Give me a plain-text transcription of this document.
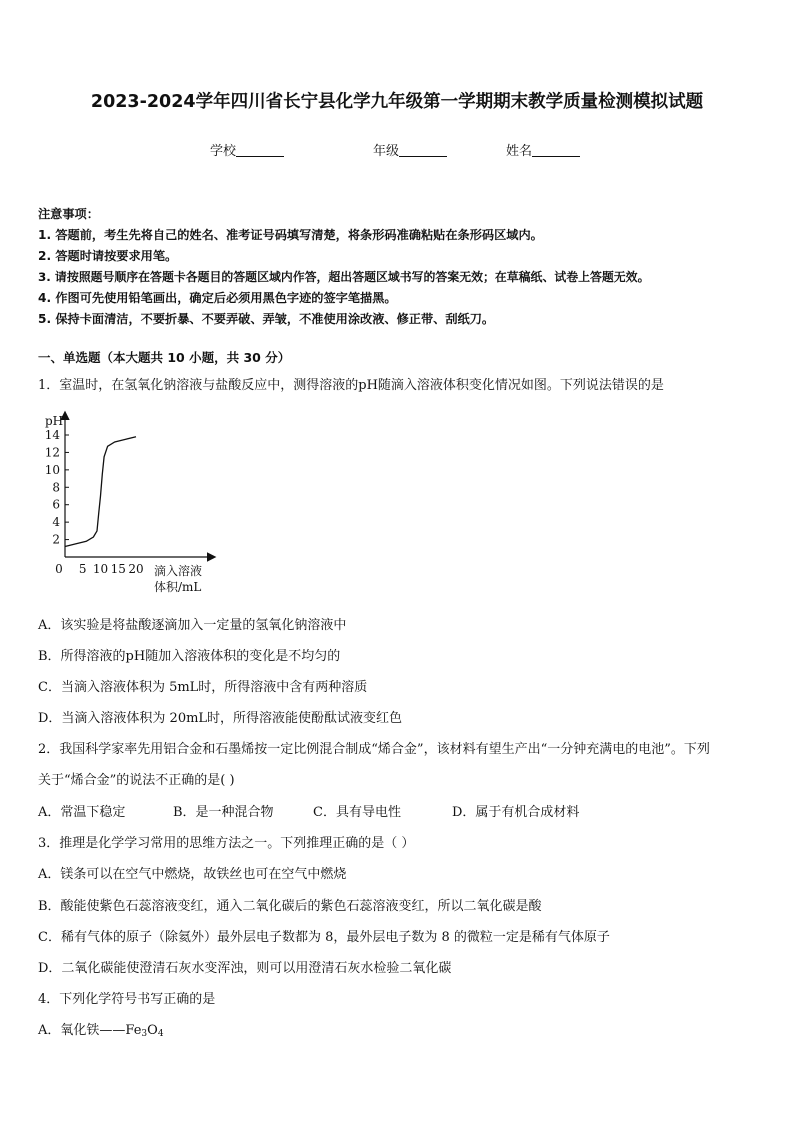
2023-2024学年四川省长宁县化学九年级第一学期期末教学质量检测模拟试题
学校	年级	姓名
注意事项：
1. 答题前，考生先将自己的姓名、准考证号码填写清楚，将条形码准确粘贴在条形码区域内。
2. 答题时请按要求用笔。
3. 请按照题号顺序在答题卡各题目的答题区域内作答，超出答题区域书写的答案无效；在草稿纸、试卷上答题无效。
4. 作图可先使用铅笔画出，确定后必须用黑色字迹的签字笔描黑。
5. 保持卡面清洁，不要折暴、不要弄破、弄皱，不准使用涂改液、修正带、刮纸刀。
一、单选题（本大题共 10 小题，共 30 分）
1．室温时，在氢氧化钠溶液与盐酸反应中，测得溶液的pH随滴入溶液体积变化情况如图。下列说法错误的是
pH
2
4
6
8
10
12
14
0 5 10 15 20 滴入溶液
体积/mL
A．该实验是将盐酸逐滴加入一定量的氢氧化钠溶液中
B．所得溶液的pH随加入溶液体积的变化是不均匀的
C．当滴入溶液体积为 5mL时，所得溶液中含有两种溶质
D．当滴入溶液体积为 20mL时，所得溶液能使酚酞试液变红色
2．我国科学家率先用铝合金和石墨烯按一定比例混合制成“烯合金”，该材料有望生产出“一分钟充满电的电池”。下列
关于“烯合金”的说法不正确的是( )
A．常温下稳定	B．是一种混合物	C．具有导电性	D．属于有机合成材料
3．推理是化学学习常用的思维方法之一。下列推理正确的是（ ）
A．镁条可以在空气中燃烧，故铁丝也可在空气中燃烧
B．酸能使紫色石蕊溶液变红，通入二氧化碳后的紫色石蕊溶液变红，所以二氧化碳是酸
C．稀有气体的原子（除氦外）最外层电子数都为 8，最外层电子数为 8 的微粒一定是稀有气体原子
D．二氧化碳能使澄清石灰水变浑浊，则可以用澄清石灰水检验二氧化碳
4．下列化学符号书写正确的是
A．氧化铁$——Fe_3O_4$
